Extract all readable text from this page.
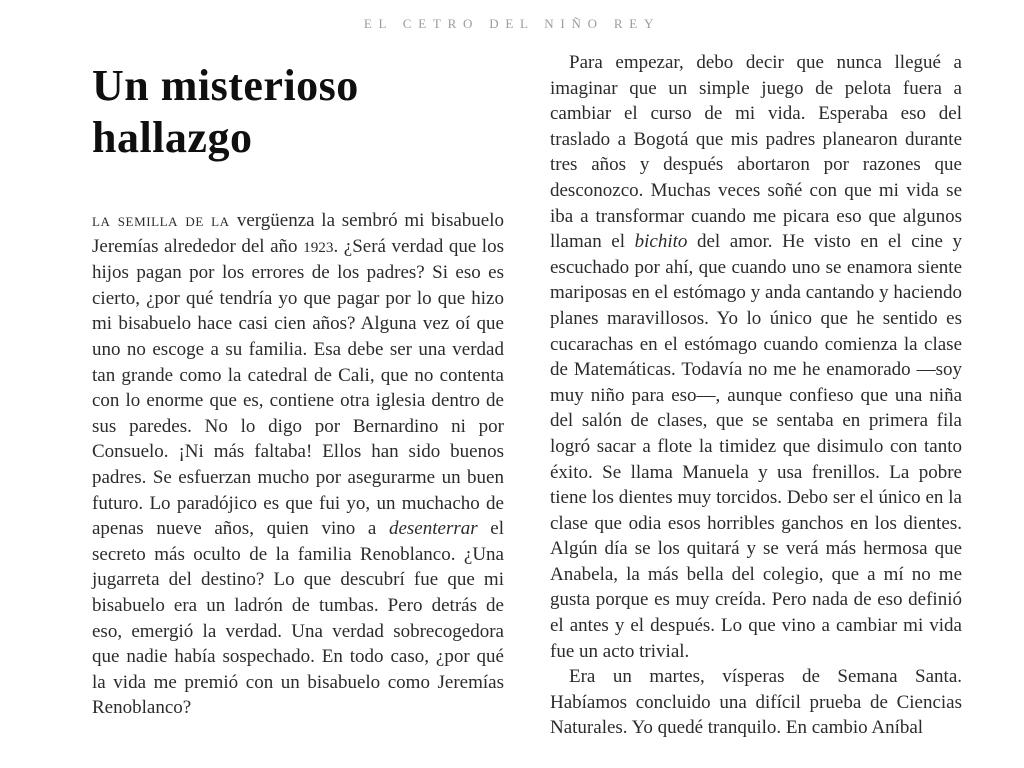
EL CETRO DEL NIÑO REY
Un misterioso hallazgo

la semilla de la vergüenza la sembró mi bisabuelo Jeremías alrededor del año 1923. ¿Será verdad que los hijos pagan por los errores de los padres? Si eso es cierto, ¿por qué tendría yo que pagar por lo que hizo mi bisabuelo hace casi cien años? Alguna vez oí que uno no escoge a su familia. Esa debe ser una verdad tan grande como la catedral de Cali, que no contenta con lo enorme que es, contiene otra iglesia dentro de sus paredes. No lo digo por Bernardino ni por Consuelo. ¡Ni más faltaba! Ellos han sido buenos padres. Se esfuerzan mucho por asegurarme un buen futuro. Lo paradójico es que fui yo, un muchacho de apenas nueve años, quien vino a desenterrar el secreto más oculto de la familia Renoblanco. ¿Una jugarreta del destino? Lo que descubrí fue que mi bisabuelo era un ladrón de tumbas. Pero detrás de eso, emergió la verdad. Una verdad sobrecogedora que nadie había sospechado. En todo caso, ¿por qué la vida me premió con un bisabuelo como Jeremías Renoblanco?

Para empezar, debo decir que nunca llegué a imaginar que un simple juego de pelota fuera a cambiar el curso de mi vida. Esperaba eso del traslado a Bogotá que mis padres planearon durante tres años y después abortaron por razones que desconozco. Muchas veces soñé con que mi vida se iba a transformar cuando me picara eso que algunos llaman el bichito del amor. He visto en el cine y escuchado por ahí, que cuando uno se enamora siente mariposas en el estómago y anda cantando y haciendo planes maravillosos. Yo lo único que he sentido es cucarachas en el estómago cuando comienza la clase de Matemáticas. Todavía no me he enamorado —soy muy niño para eso—, aunque confieso que una niña del salón de clases, que se sentaba en primera fila logró sacar a flote la timidez que disimulo con tanto éxito. Se llama Manuela y usa frenillos. La pobre tiene los dientes muy torcidos. Debo ser el único en la clase que odia esos horribles ganchos en los dientes. Algún día se los quitará y se verá más hermosa que Anabela, la más bella del colegio, que a mí no me gusta porque es muy creída. Pero nada de eso definió el antes y el después. Lo que vino a cambiar mi vida fue un acto trivial.

Era un martes, vísperas de Semana Santa. Habíamos concluido una difícil prueba de Ciencias Naturales. Yo quedé tranquilo. En cambio Aníbal
